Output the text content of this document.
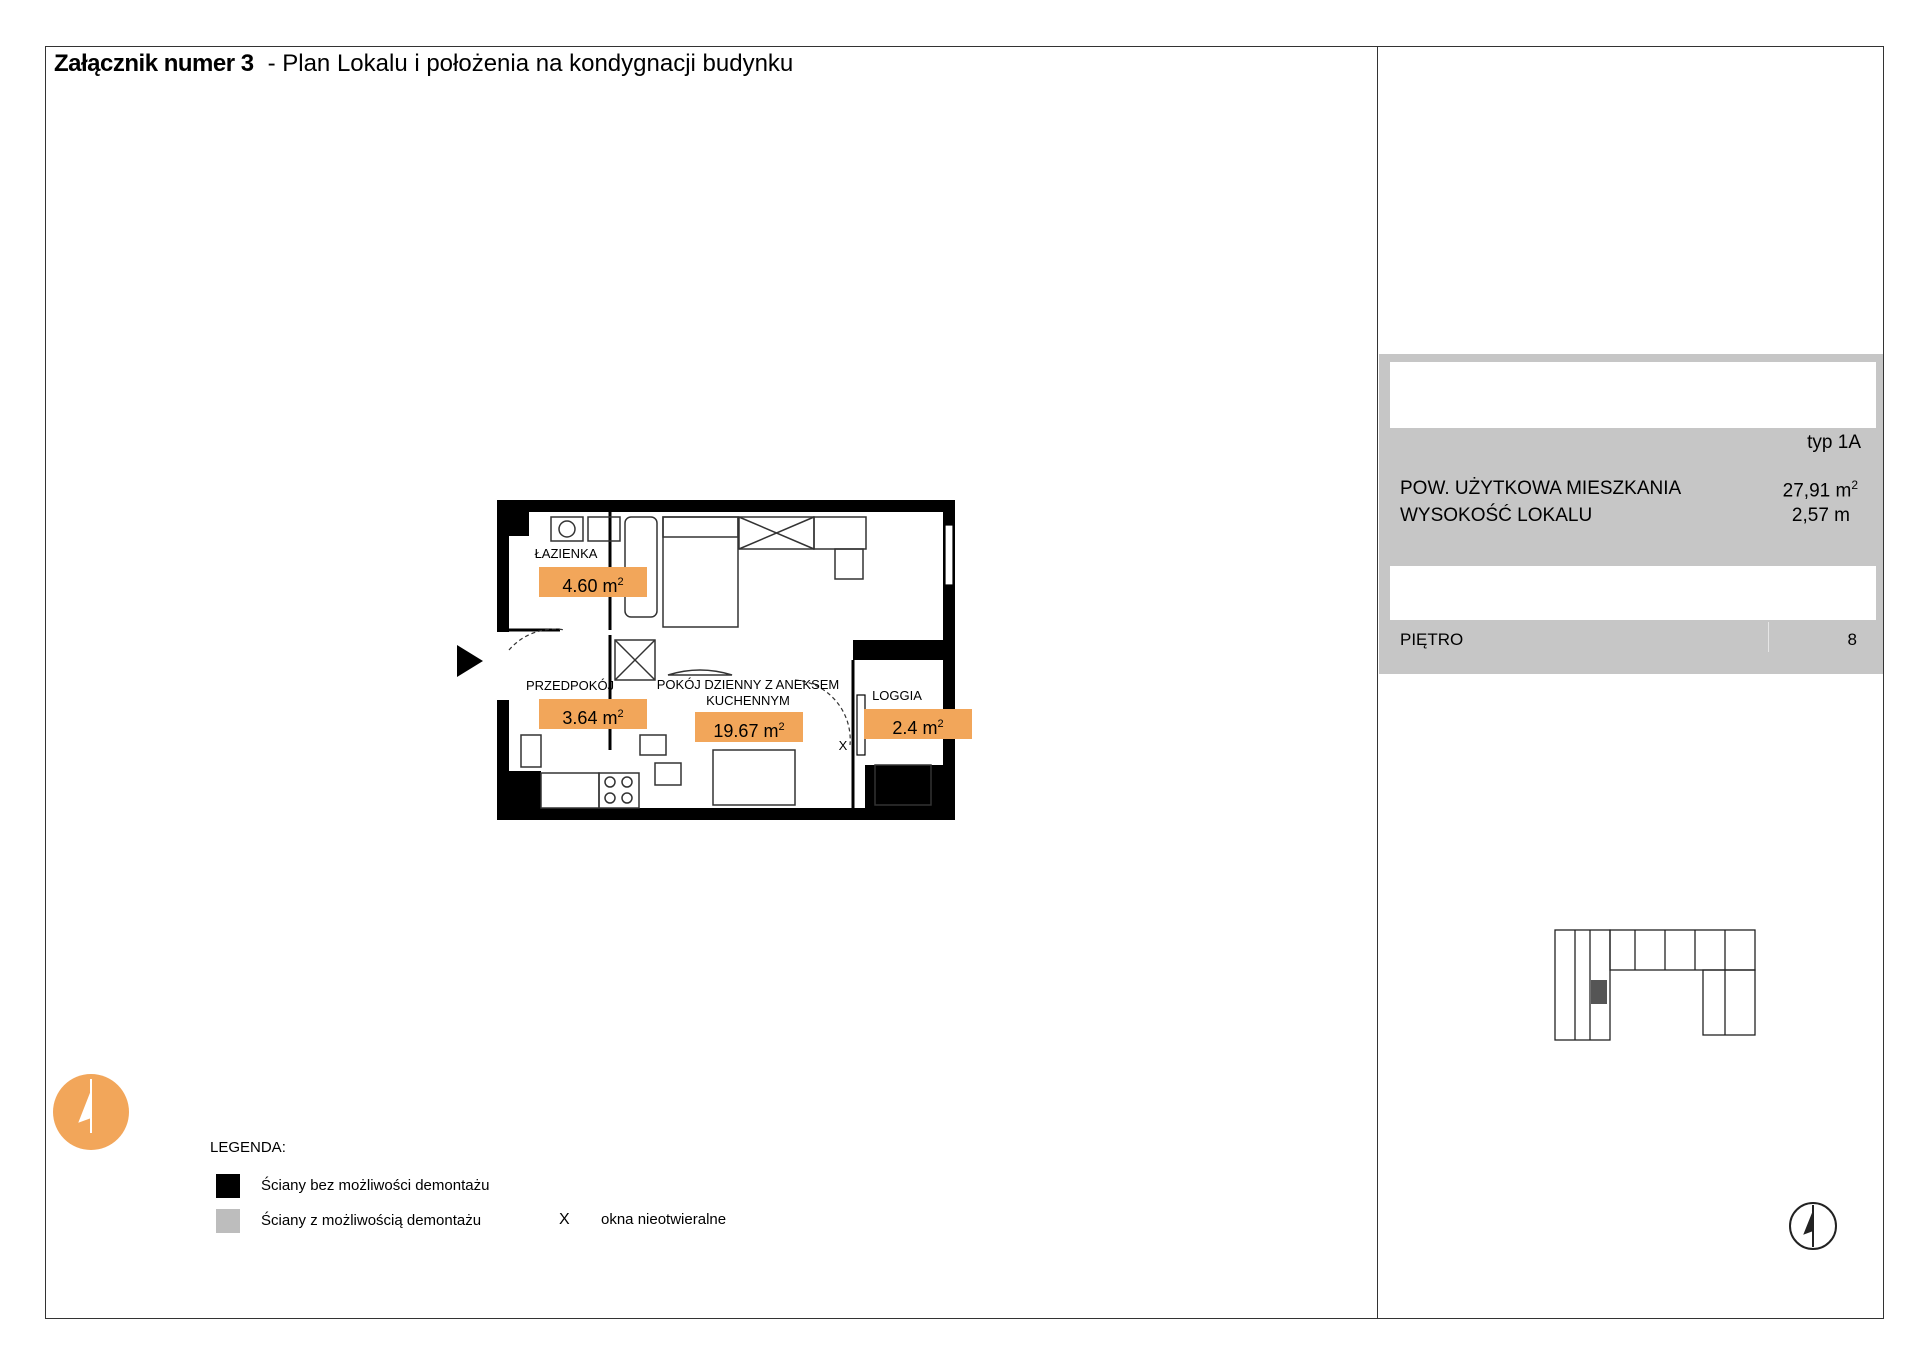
Załącznik numer 3 - Plan Lokalu i położenia na kondygnacji budynku
typ 1A
POW. UŻYTKOWA MIESZKANIA	27,91 $m^2$
WYSOKOŚĆ LOKALU	2,57 m
PIĘTRO	8
ŁAZIENKA
PRZEDPOKÓJ	POKÓJ DZIENNY Z ANEKSEM
KUCHENNYM	LOGGIA
X
4.60 $m^2$
3.64 $m^2$
19.67 $m^2$	2.4 $m^2$
LEGENDA:
Ściany bez możliwości demontażu
Ściany z możliwością demontażu	X okna nieotwieralne
